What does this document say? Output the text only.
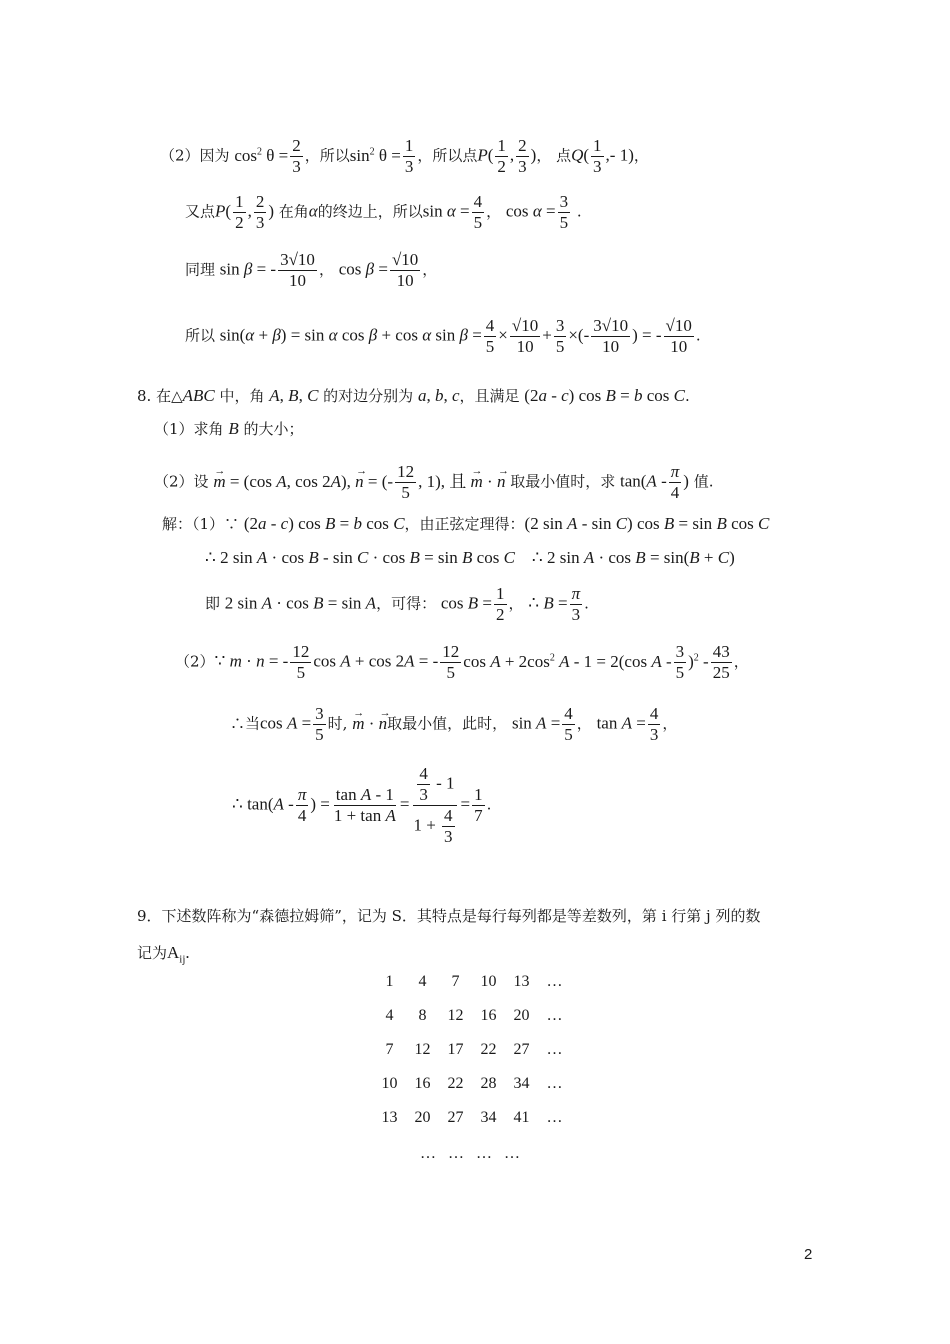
（2）因为 $\cos^2 \theta = \frac{2}{3}$ ，所以$\sin^2 \theta = \frac{1}{3}$ ，所以点$P( \frac{1}{2}$ , $\frac{2}{3}$ )， 点$Q( \frac{1}{3}$ ,- 1)，
又点$P( \frac{1}{2}$ , $\frac{2}{3}$ ) 在角α的终边上，所以$\sin \alpha = \frac{4}{5}$ ， $\cos \alpha = \frac{3}{5}$ .
同理 sin β = - $\frac{3√10}{10}$ ， $\cos \beta = \frac{√10}{10}$ ，
所以 sin(α + β) = sin α cos β + cos α $\sin \beta = \frac{4}{5} \times \frac{√10}{10} + \frac{3}{5}$ ×(- $\frac{3√10}{10}$ ) = - $\frac{√10}{10}$ .
8. 在△ABC 中，角 A, B, C 的对边分别为 a, b, c，且满足 (2a - c) cos B = b cos C.
（1）求角 B 的大小；
（2）设 → m = (cos A, cos 2A), → n = (- $\frac{12}{5}$ , 1), 且 → m · → n 取最小值时，求 $\tan(A - \frac{\pi}{4}$ ) 值.
解：（1）∵ (2a - c) cos B = b cos C，由正弦定理得：(2 sin A - sin C) cos B = sin B cos C
∴ 2 sin A · cos B - sin C · cos B = sin B cos C    ∴ 2 sin A · cos B = sin(B + C)
即 2 sin A · cos B = sin A，可得： $\cos B = \frac{1}{2}$ ， ∴ $B = \frac{\pi}{3}$ .
（2）∵ m · n = - $\frac{12}{5}$ cos A + cos 2A = - $\frac{12}{5}$ $\cos A + 2\cos^2$ A - 1 = 2(cos A - $\frac{3}{5} )^2 - \frac{43}{25}$ ，
∴当$\cos A = \frac{3}{5}$ 时, → m · → n取最小值，此时， $\sin A = \frac{4}{5}$ ， $\tan A = \frac{4}{3}$ ，
∴ $\tan(A - \frac{\pi}{4}$ ) = $\frac{\text{tan A - 1}}{\text{1 + tan A}} = \frac{\frac{4}{3} - 1}{1 + \frac{4}{3}} = \frac{1}{7}$ .
9．下述数阵称为“森德拉姆筛”，记为 S．其特点是每行每列都是等差数列，第 i 行第 j 列的数
记为$A_{ij}$.
1	4	7	10	13	…
4	8	12	16	20	…
7	12	17	22	27	…
10	16	22	28	34	…
13	20	27	34	41	…
…   …   …   …
2
